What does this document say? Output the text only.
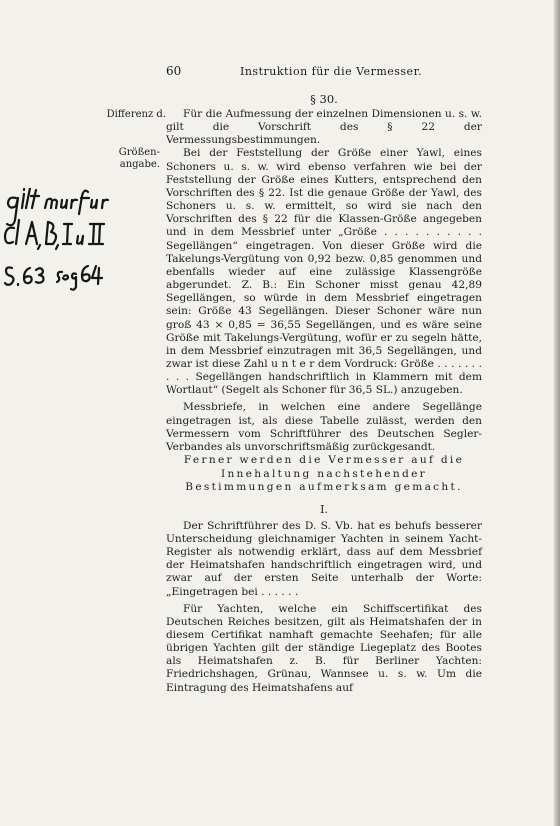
60	Instruktion für die Vermesser.
§ 30.
Differenz d.
Größen-
angabe.

Für die Aufmessung der einzelnen Dimensionen u. s. w. gilt die Vorschrift des § 22 der Vermessungsbestimmungen.

Bei der Feststellung der Größe einer Yawl, eines Schoners u. s. w. wird ebenso verfahren wie bei der Feststellung der Größe eines Kutters, entsprechend den Vorschriften des § 22. Ist die genaue Größe der Yawl, des Schoners u. s. w. ermittelt, so wird sie nach den Vorschriften des § 22 für die Klassen-Größe angegeben und in dem Messbrief unter „Größe . . . . . . . . . . Segellängen“ eingetragen. Von dieser Größe wird die Takelungs-Vergütung von 0,92 bezw. 0,85 genommen und ebenfalls wieder auf eine zulässige Klassengröße abgerundet. Z. B.: Ein Schoner misst genau 42,89 Segellängen, so würde in dem Messbrief eingetragen sein: Größe 43 Segellängen. Dieser Schoner wäre nun groß 43 × 0,85 = 36,55 Segellängen, und es wäre seine Größe mit Takelungs-Vergütung, wofür er zu segeln hätte, in dem Messbrief einzutragen mit 36,5 Segellängen, und zwar ist diese Zahl u n t e r dem Vordruck: Größe . . . . . . . . . . Segellängen handschriftlich in Klammern mit dem Wortlaut“ (Segelt als Schoner für 36,5 SL.) anzugeben.

Messbriefe, in welchen eine andere Segellänge eingetragen ist, als diese Tabelle zulässt, werden den Vermessern vom Schriftführer des Deutschen Segler-Verbandes als unvorschriftsmäßig zurückgesandt.

Ferner werden die Vermesser auf die Innehaltung nachstehender Bestimmungen aufmerksam gemacht.

I.

Der Schriftführer des D. S. Vb. hat es behufs besserer Unterscheidung gleichnamiger Yachten in seinem Yacht-Register als notwendig erklärt, dass auf dem Messbrief der Heimatshafen handschriftlich eingetragen wird, und zwar auf der ersten Seite unterhalb der Worte: „Eingetragen bei . . . . . .

Für Yachten, welche ein Schiffscertifikat des Deutschen Reiches besitzen, gilt als Heimatshafen der in diesem Certifikat namhaft gemachte Seehafen; für alle übrigen Yachten gilt der ständige Liegeplatz des Bootes als Heimatshafen z. B. für Berliner Yachten: Friedrichshagen, Grünau, Wannsee u. s. w. Um die Eintragung des Heimatshafens auf
